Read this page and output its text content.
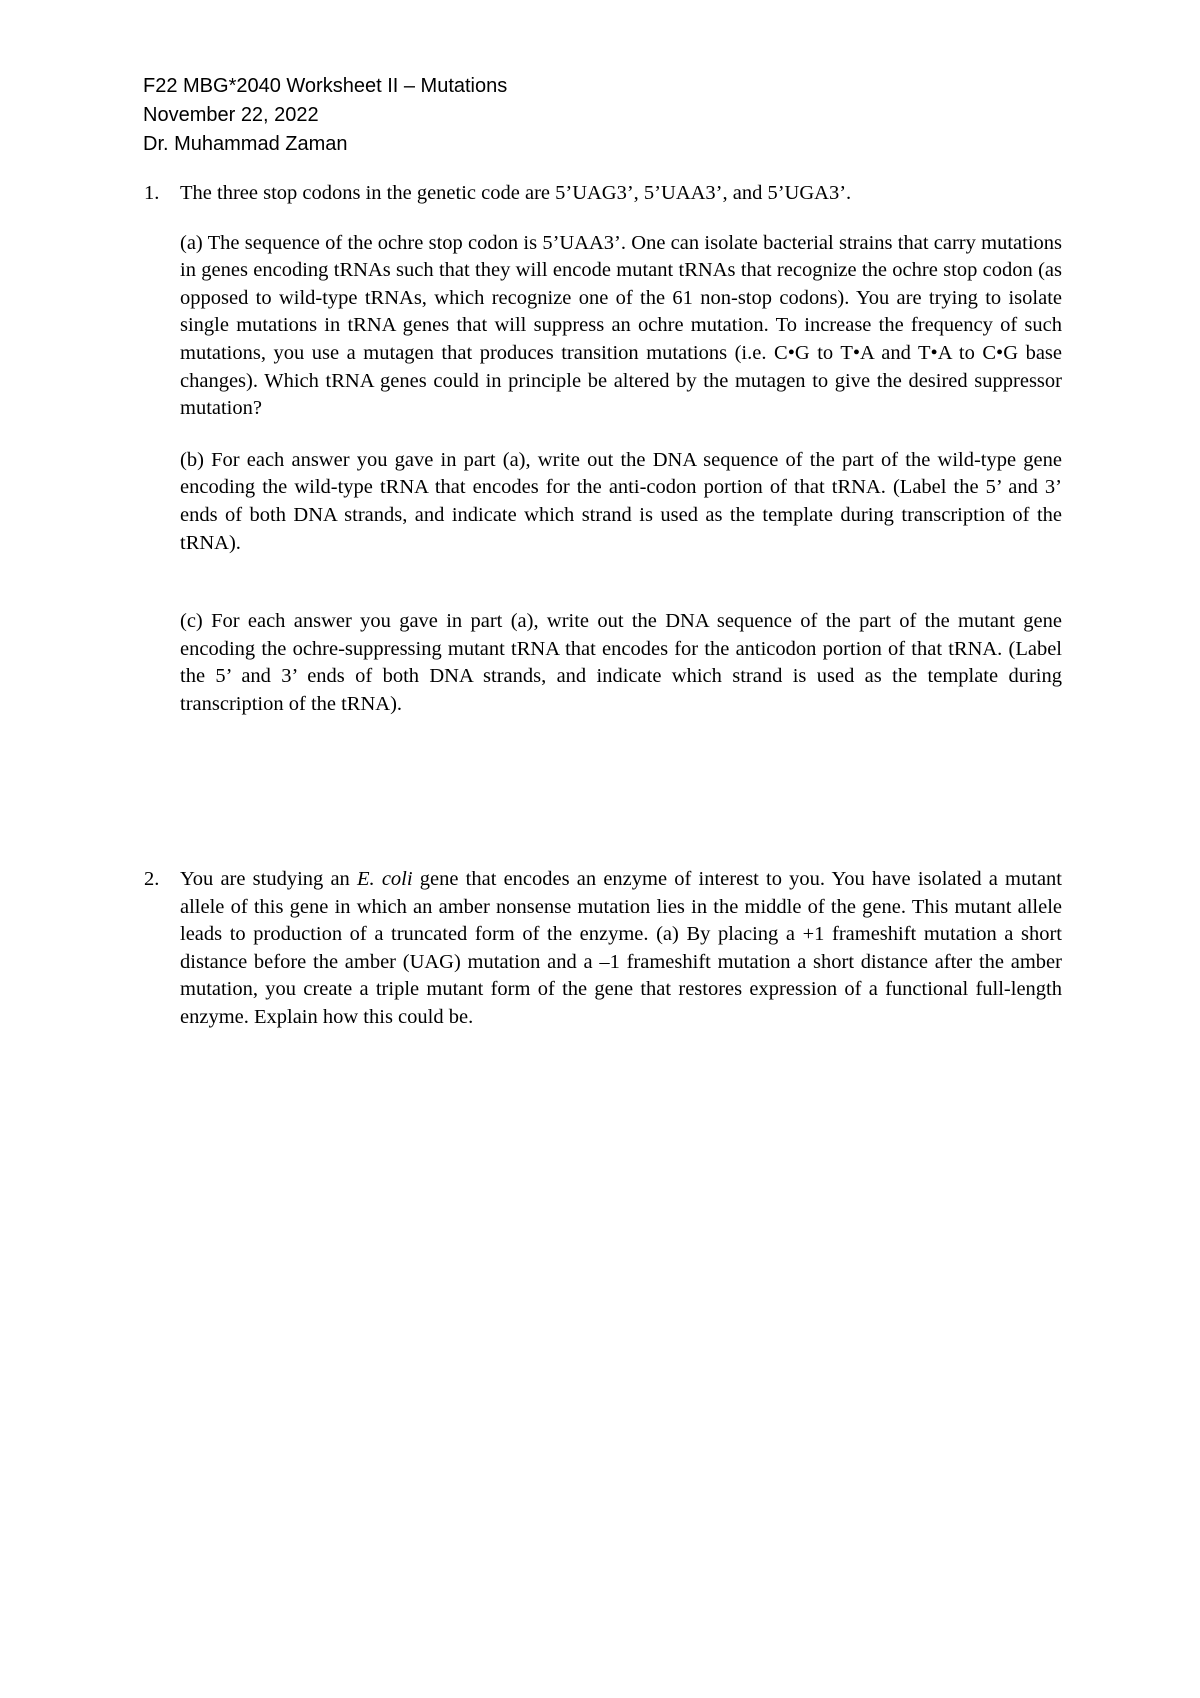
F22 MBG*2040 Worksheet II – Mutations
November 22, 2022
Dr. Muhammad Zaman
1. The three stop codons in the genetic code are 5’UAG3’, 5’UAA3’, and 5’UGA3’.

(a) The sequence of the ochre stop codon is 5’UAA3’. One can isolate bacterial strains that carry mutations in genes encoding tRNAs such that they will encode mutant tRNAs that recognize the ochre stop codon (as opposed to wild-type tRNAs, which recognize one of the 61 non-stop codons). You are trying to isolate single mutations in tRNA genes that will suppress an ochre mutation. To increase the frequency of such mutations, you use a mutagen that produces transition mutations (i.e. C•G to T•A and T•A to C•G base changes). Which tRNA genes could in principle be altered by the mutagen to give the desired suppressor mutation?

(b) For each answer you gave in part (a), write out the DNA sequence of the part of the wild-type gene encoding the wild-type tRNA that encodes for the anti-codon portion of that tRNA. (Label the 5’ and 3’ ends of both DNA strands, and indicate which strand is used as the template during transcription of the tRNA).

(c) For each answer you gave in part (a), write out the DNA sequence of the part of the mutant gene encoding the ochre-suppressing mutant tRNA that encodes for the anticodon portion of that tRNA. (Label the 5’ and 3’ ends of both DNA strands, and indicate which strand is used as the template during transcription of the tRNA).

2. You are studying an E. coli gene that encodes an enzyme of interest to you. You have isolated a mutant allele of this gene in which an amber nonsense mutation lies in the middle of the gene. This mutant allele leads to production of a truncated form of the enzyme. (a) By placing a +1 frameshift mutation a short distance before the amber (UAG) mutation and a –1 frameshift mutation a short distance after the amber mutation, you create a triple mutant form of the gene that restores expression of a functional full-length enzyme. Explain how this could be.
